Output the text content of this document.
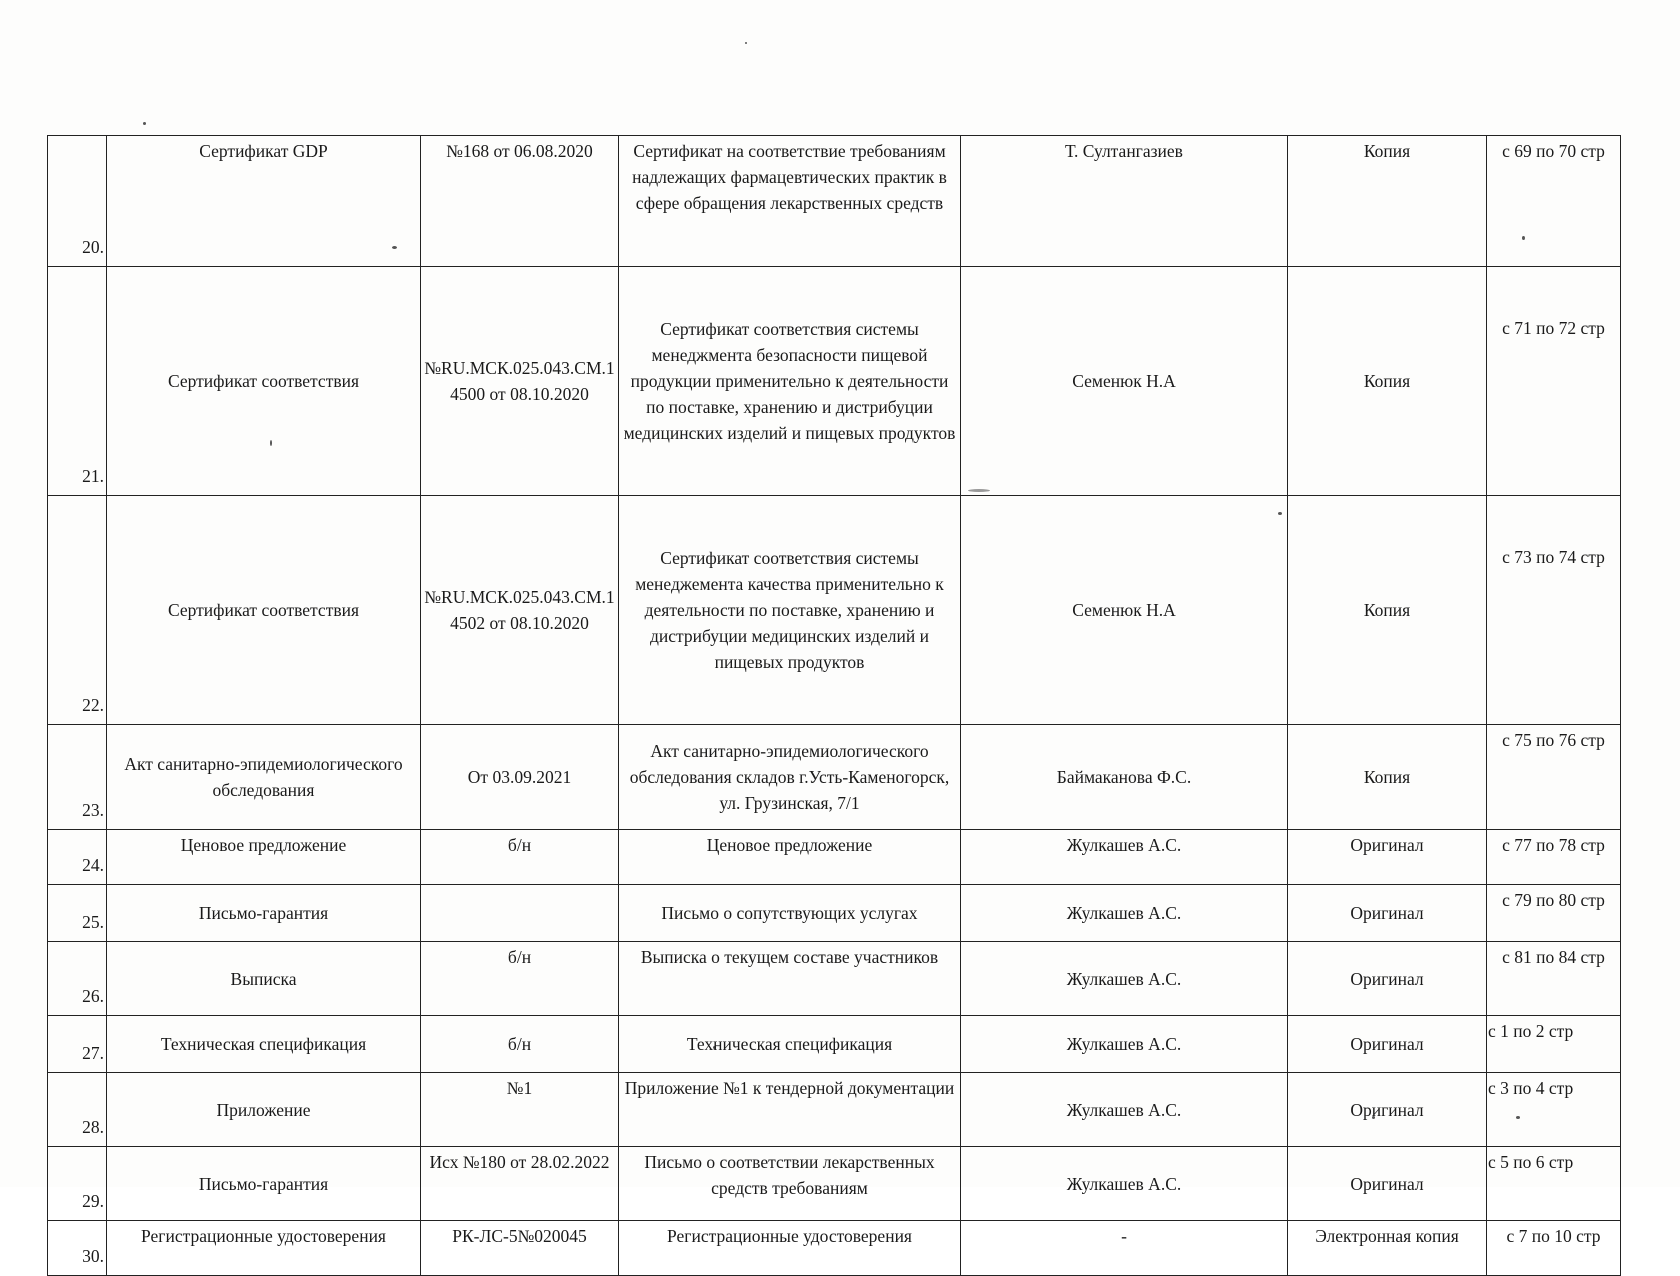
20.	Сертификат GDP	№168 от 06.08.2020	Сертификат на соответствие требованиям надлежащих фармацевтических практик в сфере обращения лекарственных средств	Т. Султангазиев	Копия	с 69 по 70 стр
21.	Сертификат соответствия	№RU.МСК.025.043.СМ.14500 от 08.10.2020	Сертификат соответствия системы менеджмента безопасности пищевой продукции применительно к деятельности по поставке, хранению и дистрибуции медицинских изделий и пищевых продуктов	Семенюк Н.А	Копия	с 71 по 72 стр
22.	Сертификат соответствия	№RU.МСК.025.043.СМ.14502 от 08.10.2020	Сертификат соответствия системы менеджемента качества применительно к деятельности по поставке, хранению и дистрибуции медицинских изделий и пищевых продуктов	Семенюк Н.А	Копия	с 73 по 74 стр
23.	Акт санитарно-эпидемиологического обследования	От 03.09.2021	Акт санитарно-эпидемиологического обследования складов г.Усть-Каменогорск, ул. Грузинская, 7/1	Баймаканова Ф.С.	Копия	с 75 по 76 стр
24.	Ценовое предложение	б/н	Ценовое предложение	Жулкашев А.С.	Оригинал	с 77 по 78 стр
25.	Письмо-гарантия		Письмо о сопутствующих услугах	Жулкашев А.С.	Оригинал	с 79 по 80 стр
26.	Выписка	б/н	Выписка о текущем составе участников	Жулкашев А.С.	Оригинал	с 81 по 84 стр
27.	Техническая спецификация	б/н	Техническая спецификация	Жулкашев А.С.	Оригинал	с 1 по 2 стр
28.	Приложение	№1	Приложение №1 к тендерной документации	Жулкашев А.С.	Оригинал	с 3 по 4 стр
29.	Письмо-гарантия	Исх №180 от 28.02.2022	Письмо о соответствии лекарственных средств требованиям	Жулкашев А.С.	Оригинал	с 5 по 6 стр
30.	Регистрационные удостоверения	РК-ЛС-5№020045	Регистрационные удостоверения	-	Электронная копия	с 7 по 10 стр
